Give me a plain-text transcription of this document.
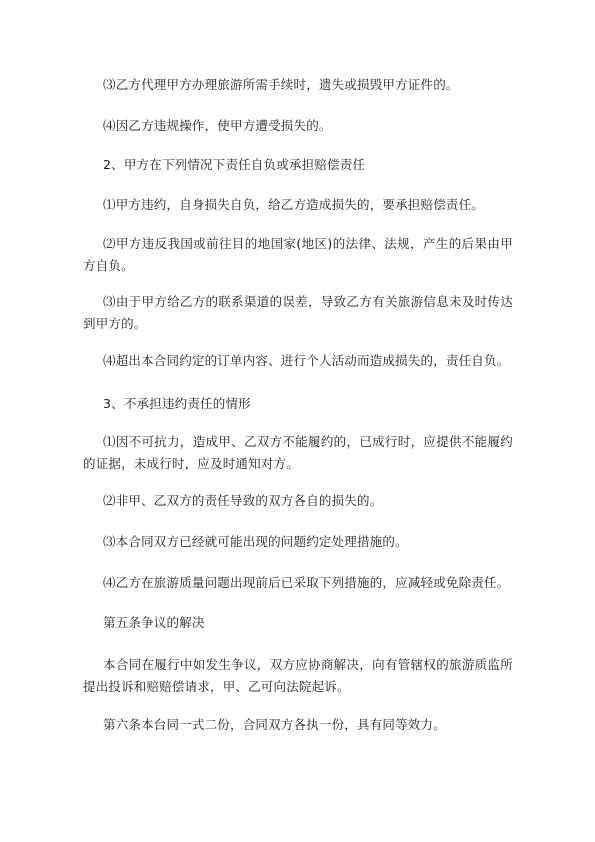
⑶乙方代理甲方办理旅游所需手续时，遗失或损毁甲方证件的。

⑷因乙方违规操作，使甲方遭受损失的。

2、甲方在下列情况下责任自负或承担赔偿责任

⑴甲方违约，自身损失自负，给乙方造成损失的，要承担赔偿责任。

⑵甲方违反我国或前往目的地国家(地区)的法律、法规，产生的后果由甲方自负。

⑶由于甲方给乙方的联系渠道的误差，导致乙方有关旅游信息未及时传达到甲方的。

⑷超出本合同约定的订单内容、进行个人活动而造成损失的，责任自负。

3、不承担违约责任的情形

⑴因不可抗力，造成甲、乙双方不能履约的，已成行时，应提供不能履约的证据，未成行时，应及时通知对方。

⑵非甲、乙双方的责任导致的双方各自的损失的。

⑶本合同双方已经就可能出现的问题约定处理措施的。

⑷乙方在旅游质量问题出现前后已采取下列措施的，应减轻或免除责任。

第五条争议的解决

本合同在履行中如发生争议，双方应协商解决，向有管辖权的旅游质监所提出投诉和赔赔偿请求，甲、乙可向法院起诉。

第六条本台同一式二份，合同双方各执一份，具有同等效力。
